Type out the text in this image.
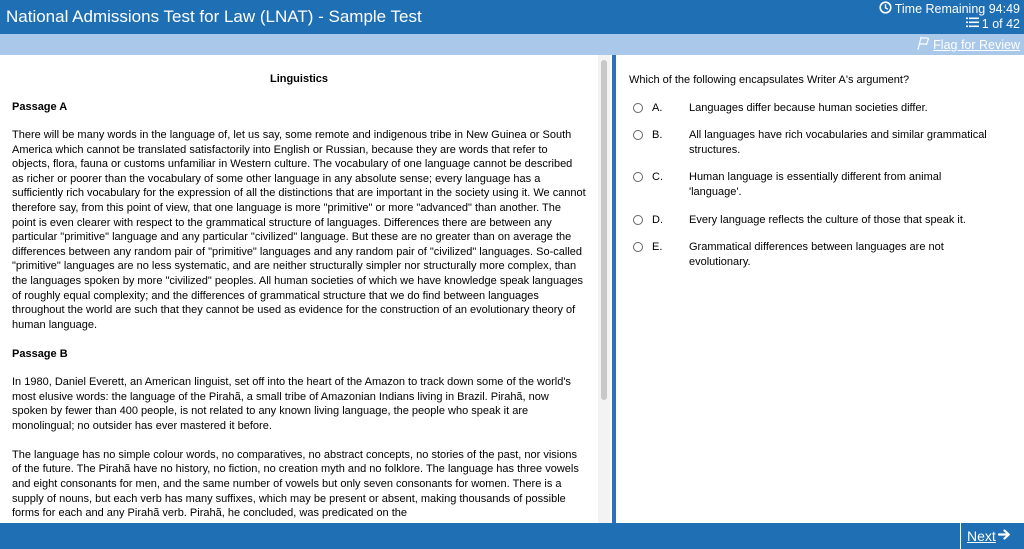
National Admissions Test for Law (LNAT) - Sample Test	Time Remaining 94:49
1 of 42
Flag for Review
Linguistics
Passage A

There will be many words in the language of, let us say, some remote and indigenous tribe in New Guinea or South America which cannot be translated satisfactorily into English or Russian, because they are words that refer to objects, flora, fauna or customs unfamiliar in Western culture. The vocabulary of one language cannot be described as richer or poorer than the vocabulary of some other language in any absolute sense; every language has a sufficiently rich vocabulary for the expression of all the distinctions that are important in the society using it. We cannot therefore say, from this point of view, that one language is more "primitive" or more "advanced" than another. The point is even clearer with respect to the grammatical structure of languages. Differences there are between any particular "primitive" language and any particular "civilized" language. But these are no greater than on average the differences between any random pair of "primitive" languages and any random pair of "civilized" languages. So-called "primitive" languages are no less systematic, and are neither structurally simpler nor structurally more complex, than the languages spoken by more "civilized" peoples. All human societies of which we have knowledge speak languages of roughly equal complexity; and the differences of grammatical structure that we do find between languages throughout the world are such that they cannot be used as evidence for the construction of an evolutionary theory of human language.

Passage B

In 1980, Daniel Everett, an American linguist, set off into the heart of the Amazon to track down some of the world's most elusive words: the language of the Pirahã, a small tribe of Amazonian Indians living in Brazil. Pirahã, now spoken by fewer than 400 people, is not related to any known living language, the people who speak it are monolingual; no outsider has ever mastered it before.

The language has no simple colour words, no comparatives, no abstract concepts, no stories of the past, nor visions of the future. The Pirahã have no history, no fiction, no creation myth and no folklore. The language has three vowels and eight consonants for men, and the same number of vowels but only seven consonants for women. There is a supply of nouns, but each verb has many suffixes, which may be present or absent, making thousands of possible forms for each and any Pirahã verb. Pirahã, he concluded, was predicated on the

Which of the following encapsulates Writer A's argument?
A.	Languages differ because human societies differ.
B.	All languages have rich vocabularies and similar grammatical structures.
C.	Human language is essentially different from animal 'language'.
D.	Every language reflects the culture of those that speak it.
E.	Grammatical differences between languages are not evolutionary.
Next
